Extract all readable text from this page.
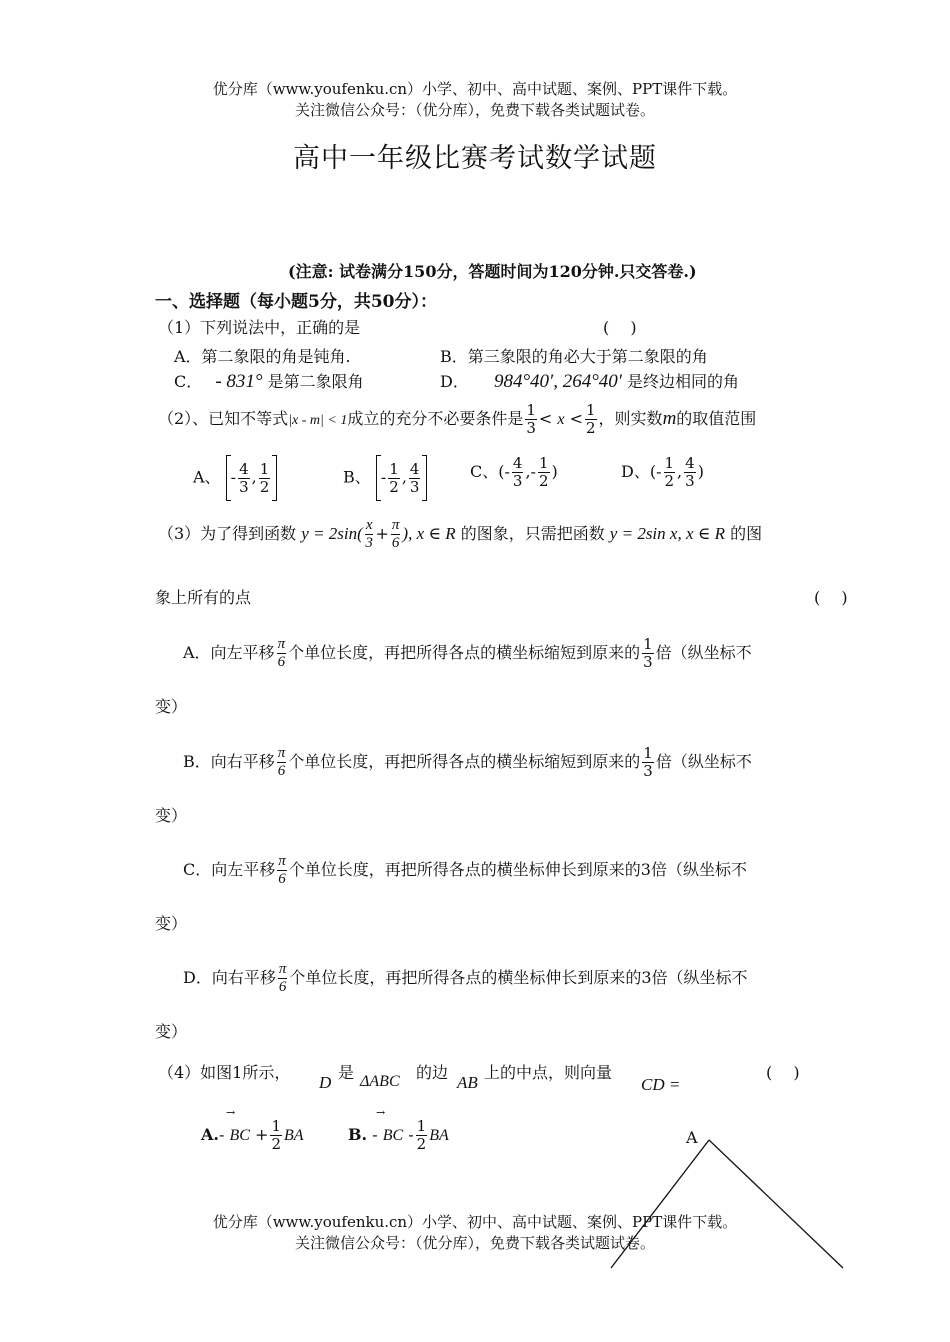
优分库（www.youfenku.cn）小学、初中、高中试题、案例、PPT课件下载。
关注微信公众号：（优分库），免费下载各类试题试卷。
高中一年级比赛考试数学试题
(注意: 试卷满分150分，答题时间为120分钟.只交答卷.)
一、选择题（每小题5分，共50分）：
（1）下列说法中，正确的是	(　 )
A．第二象限的角是钝角.	B．第三象限的角必大于第二象限的角
C． - 831° 是第二象限角	D． 984°40′, 264°40′ 是终边相同的角
（2）、已知不等式|x - m| < 1成立的充分不必要条件是 $\frac{1}{3} < x < \frac{1}{2}$ ，则实数m的取值范围
A、 - $\frac{4}{3}$ , $\frac{1}{2}$	B、 - $\frac{1}{2}$ , $\frac{4}{3}$	C、(- $\frac{4}{3}$ ,- $\frac{1}{2}$ )	D、(- $\frac{1}{2}$ , $\frac{4}{3}$ )
（3）为了得到函数 $y = 2\sin( \frac{x}{3} + \frac{\pi}{6}$ ), x ∈ R 的图象，只需把函数 y = 2sin x, x ∈ R 的图
象上所有的点	(　 )
A．向左平移 $\frac{\pi}{6}$ 个单位长度，再把所得各点的横坐标缩短到原来的 $\frac{1}{3}$ 倍（纵坐标不
变）
B．向右平移 $\frac{\pi}{6}$ 个单位长度，再把所得各点的横坐标缩短到原来的 $\frac{1}{3}$ 倍（纵坐标不
变）
C．向左平移 $\frac{\pi}{6}$ 个单位长度，再把所得各点的横坐标伸长到原来的3倍（纵坐标不
变）
D．向右平移 $\frac{\pi}{6}$ 个单位长度，再把所得各点的横坐标伸长到原来的3倍（纵坐标不
变）
（4）如图1所示，	是
D ΔABC 的边
AB
上的中点，则向量
CD =
(　 )
→	→
A.- BC + $\frac{1}{2}$ BA	B. - BC - $\frac{1}{2}$ BA	A
优分库（www.youfenku.cn）小学、初中、高中试题、案例、PPT课件下载。
关注微信公众号：（优分库），免费下载各类试题试卷。
